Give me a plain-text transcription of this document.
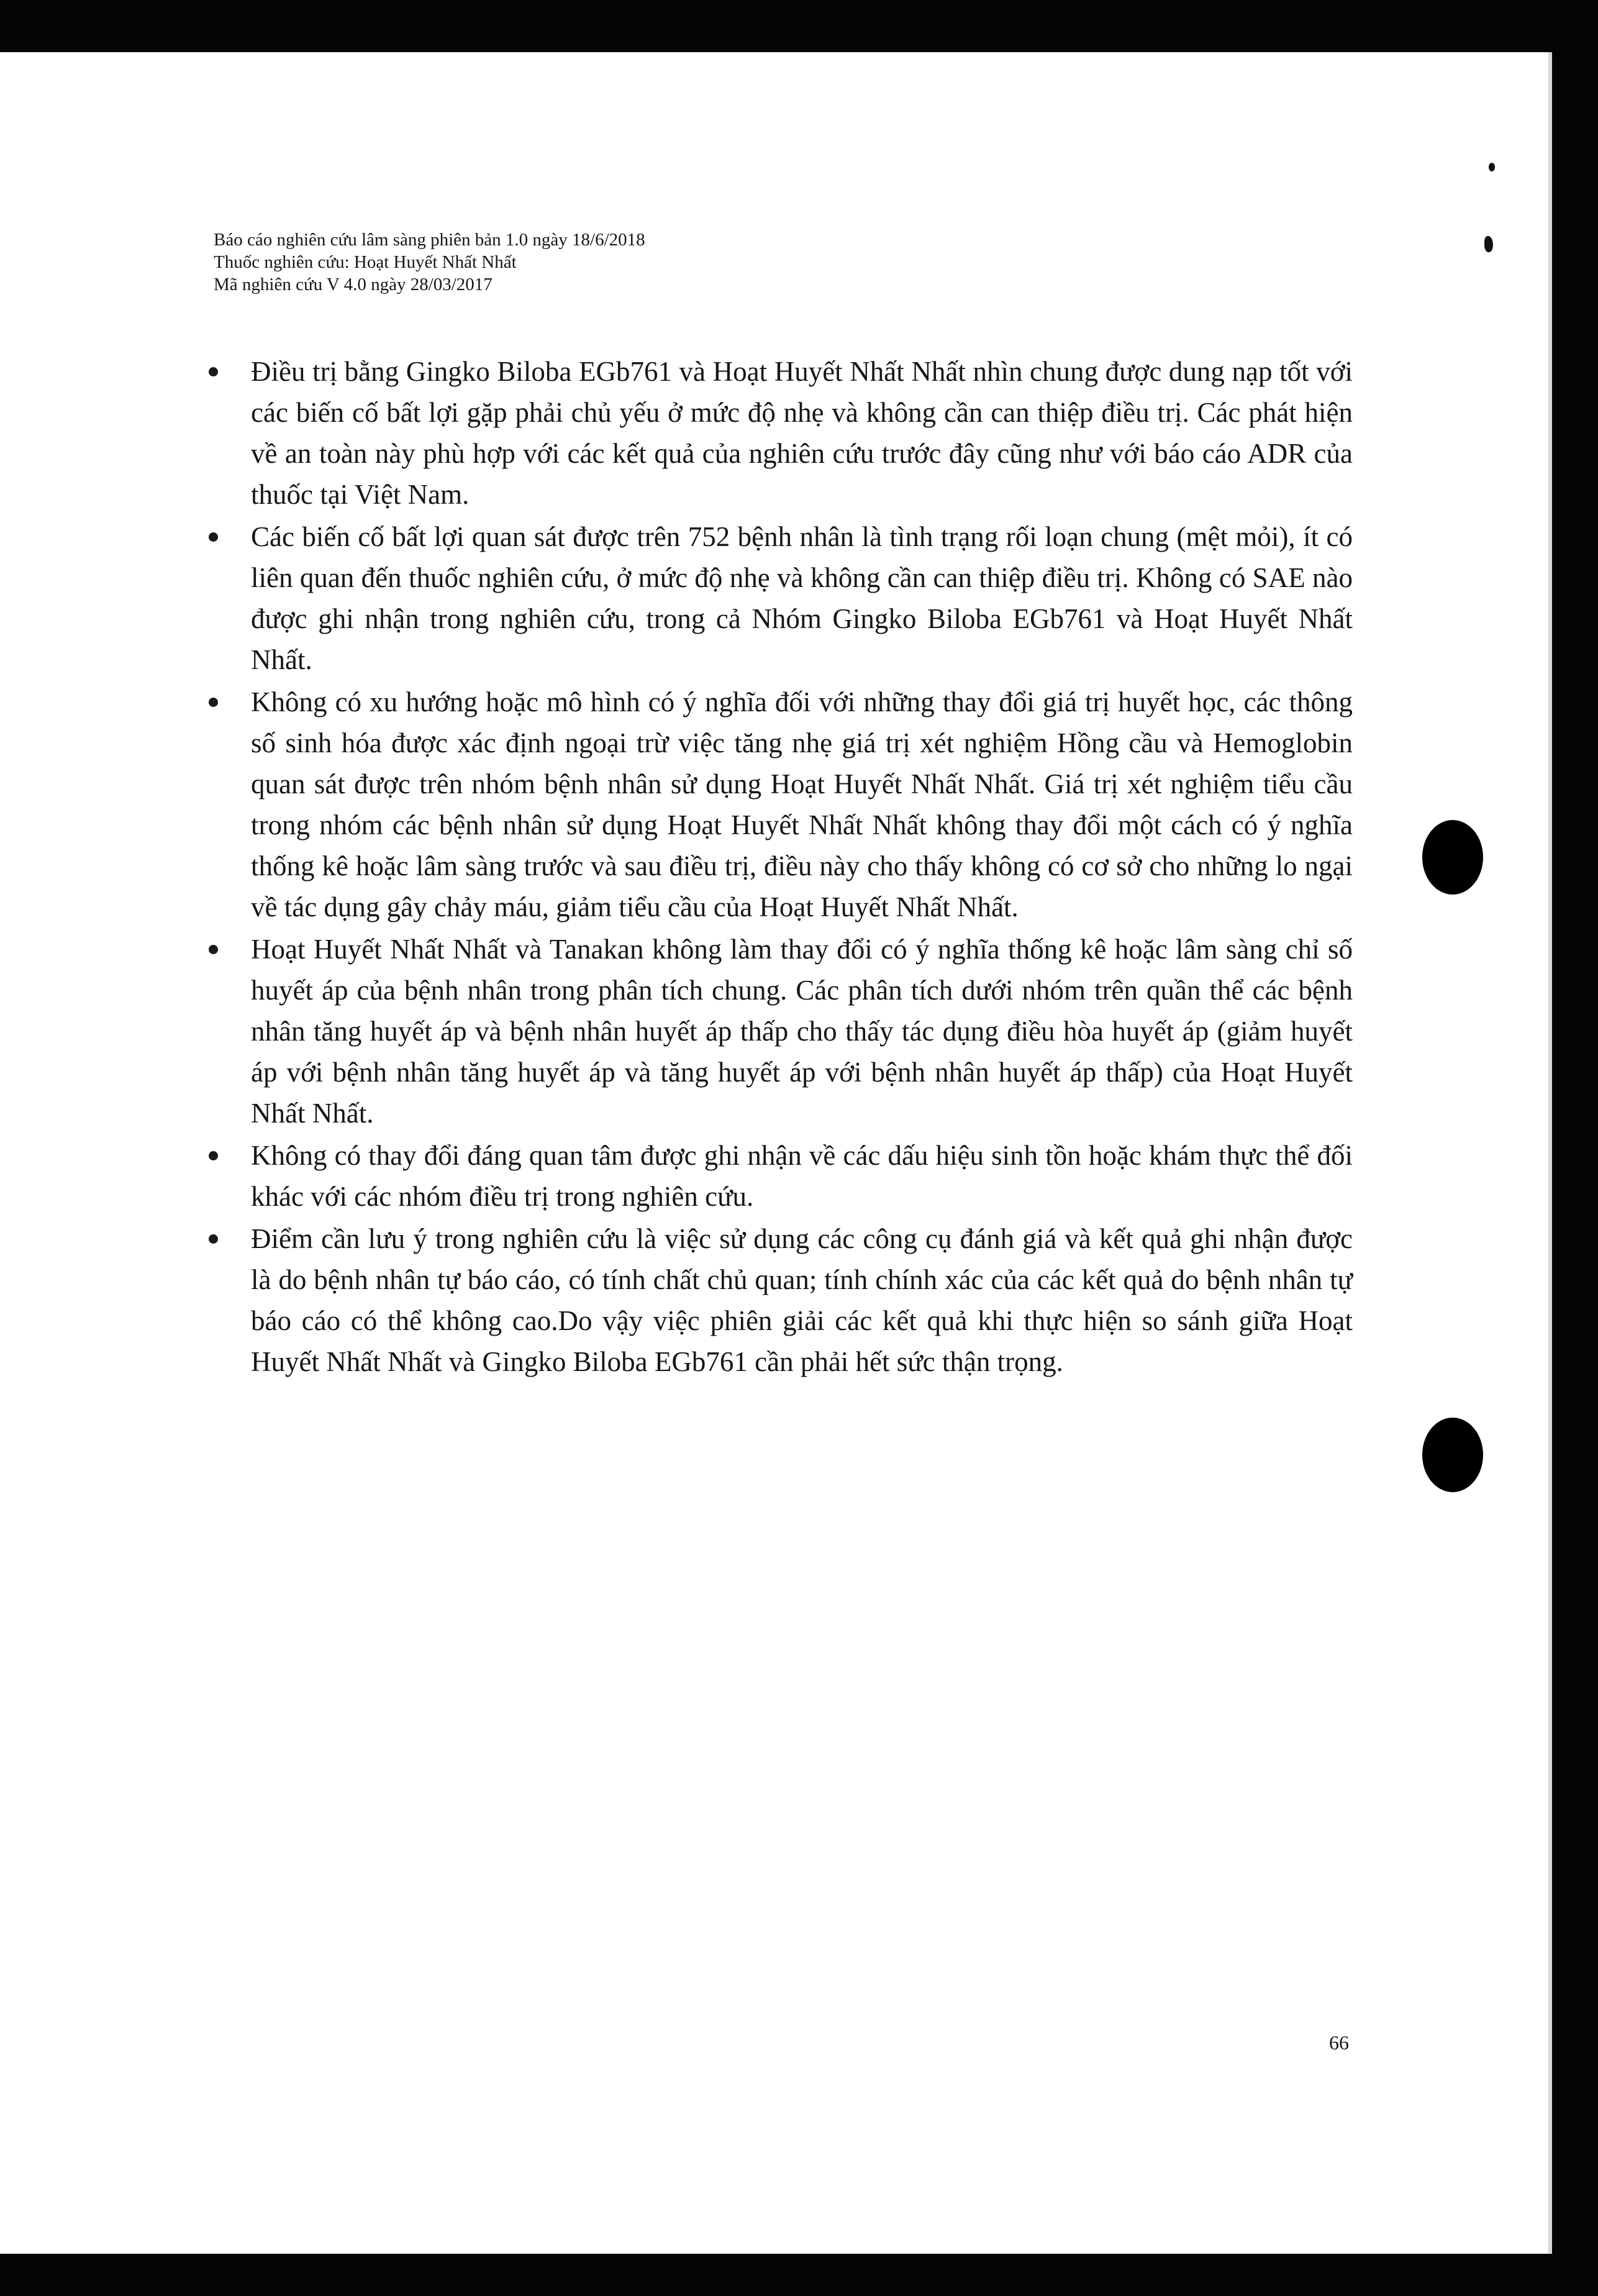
Báo cáo nghiên cứu lâm sàng phiên bản 1.0 ngày 18/6/2018
Thuốc nghiên cứu: Hoạt Huyết Nhất Nhất
Mã nghiên cứu V 4.0 ngày 28/03/2017
Điều trị bằng Gingko Biloba EGb761 và Hoạt Huyết Nhất Nhất nhìn chung được dung nạp tốt với các biến cố bất lợi gặp phải chủ yếu ở mức độ nhẹ và không cần can thiệp điều trị. Các phát hiện về an toàn này phù hợp với các kết quả của nghiên cứu trước đây cũng như với báo cáo ADR của thuốc tại Việt Nam.
Các biến cố bất lợi quan sát được trên 752 bệnh nhân là tình trạng rối loạn chung (mệt mỏi), ít có liên quan đến thuốc nghiên cứu, ở mức độ nhẹ và không cần can thiệp điều trị. Không có SAE nào được ghi nhận trong nghiên cứu, trong cả Nhóm Gingko Biloba EGb761 và Hoạt Huyết Nhất Nhất.
Không có xu hướng hoặc mô hình có ý nghĩa đối với những thay đổi giá trị huyết học, các thông số sinh hóa được xác định ngoại trừ việc tăng nhẹ giá trị xét nghiệm Hồng cầu và Hemoglobin quan sát được trên nhóm bệnh nhân sử dụng Hoạt Huyết Nhất Nhất. Giá trị xét nghiệm tiểu cầu trong nhóm các bệnh nhân sử dụng Hoạt Huyết Nhất Nhất không thay đổi một cách có ý nghĩa thống kê hoặc lâm sàng trước và sau điều trị, điều này cho thấy không có cơ sở cho những lo ngại về tác dụng gây chảy máu, giảm tiểu cầu của Hoạt Huyết Nhất Nhất.
Hoạt Huyết Nhất Nhất và Tanakan không làm thay đổi có ý nghĩa thống kê hoặc lâm sàng chỉ số huyết áp của bệnh nhân trong phân tích chung. Các phân tích dưới nhóm trên quần thể các bệnh nhân tăng huyết áp và bệnh nhân huyết áp thấp cho thấy tác dụng điều hòa huyết áp (giảm huyết áp với bệnh nhân tăng huyết áp và tăng huyết áp với bệnh nhân huyết áp thấp) của Hoạt Huyết Nhất Nhất.
Không có thay đổi đáng quan tâm được ghi nhận về các dấu hiệu sinh tồn hoặc khám thực thể đối khác với các nhóm điều trị trong nghiên cứu.
Điểm cần lưu ý trong nghiên cứu là việc sử dụng các công cụ đánh giá và kết quả ghi nhận được là do bệnh nhân tự báo cáo, có tính chất chủ quan; tính chính xác của các kết quả do bệnh nhân tự báo cáo có thể không cao.Do vậy việc phiên giải các kết quả khi thực hiện so sánh giữa Hoạt Huyết Nhất Nhất và Gingko Biloba EGb761 cần phải hết sức thận trọng.
66
